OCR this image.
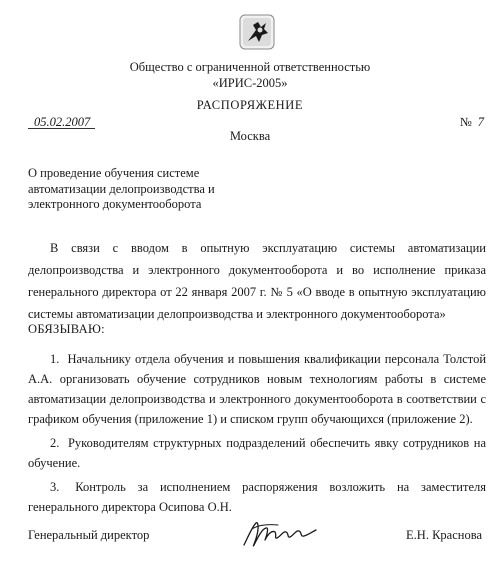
Общество с ограниченной ответственностью
«ИРИС-2005»
РАСПОРЯЖЕНИЕ
05.02.2007	№ 7
Москва
О проведение обучения системе
автоматизации делопроизводства и
электронного документооборота
В связи с вводом в опытную эксплуатацию системы автоматизации делопроизводства и электронного документооборота и во исполнение приказа генерального директора от 22 января 2007 г. № 5 «О вводе в опытную эксплуатацию системы автоматизации делопроизводства и электронного документооборота»
ОБЯЗЫВАЮ:

1. Начальнику отдела обучения и повышения квалификации персонала Толстой А.А. организовать обучение сотрудников новым технологиям работы в системе автоматизации делопроизводства и электронного документооборота в соответствии с графиком обучения (приложение 1) и списком групп обучающихся (приложение 2).

2. Руководителям структурных подразделений обеспечить явку сотрудников на обучение.

3. Контроль за исполнением распоряжения возложить на заместителя генерального директора Осипова О.Н.

Генеральный директор	Е.Н. Краснова
